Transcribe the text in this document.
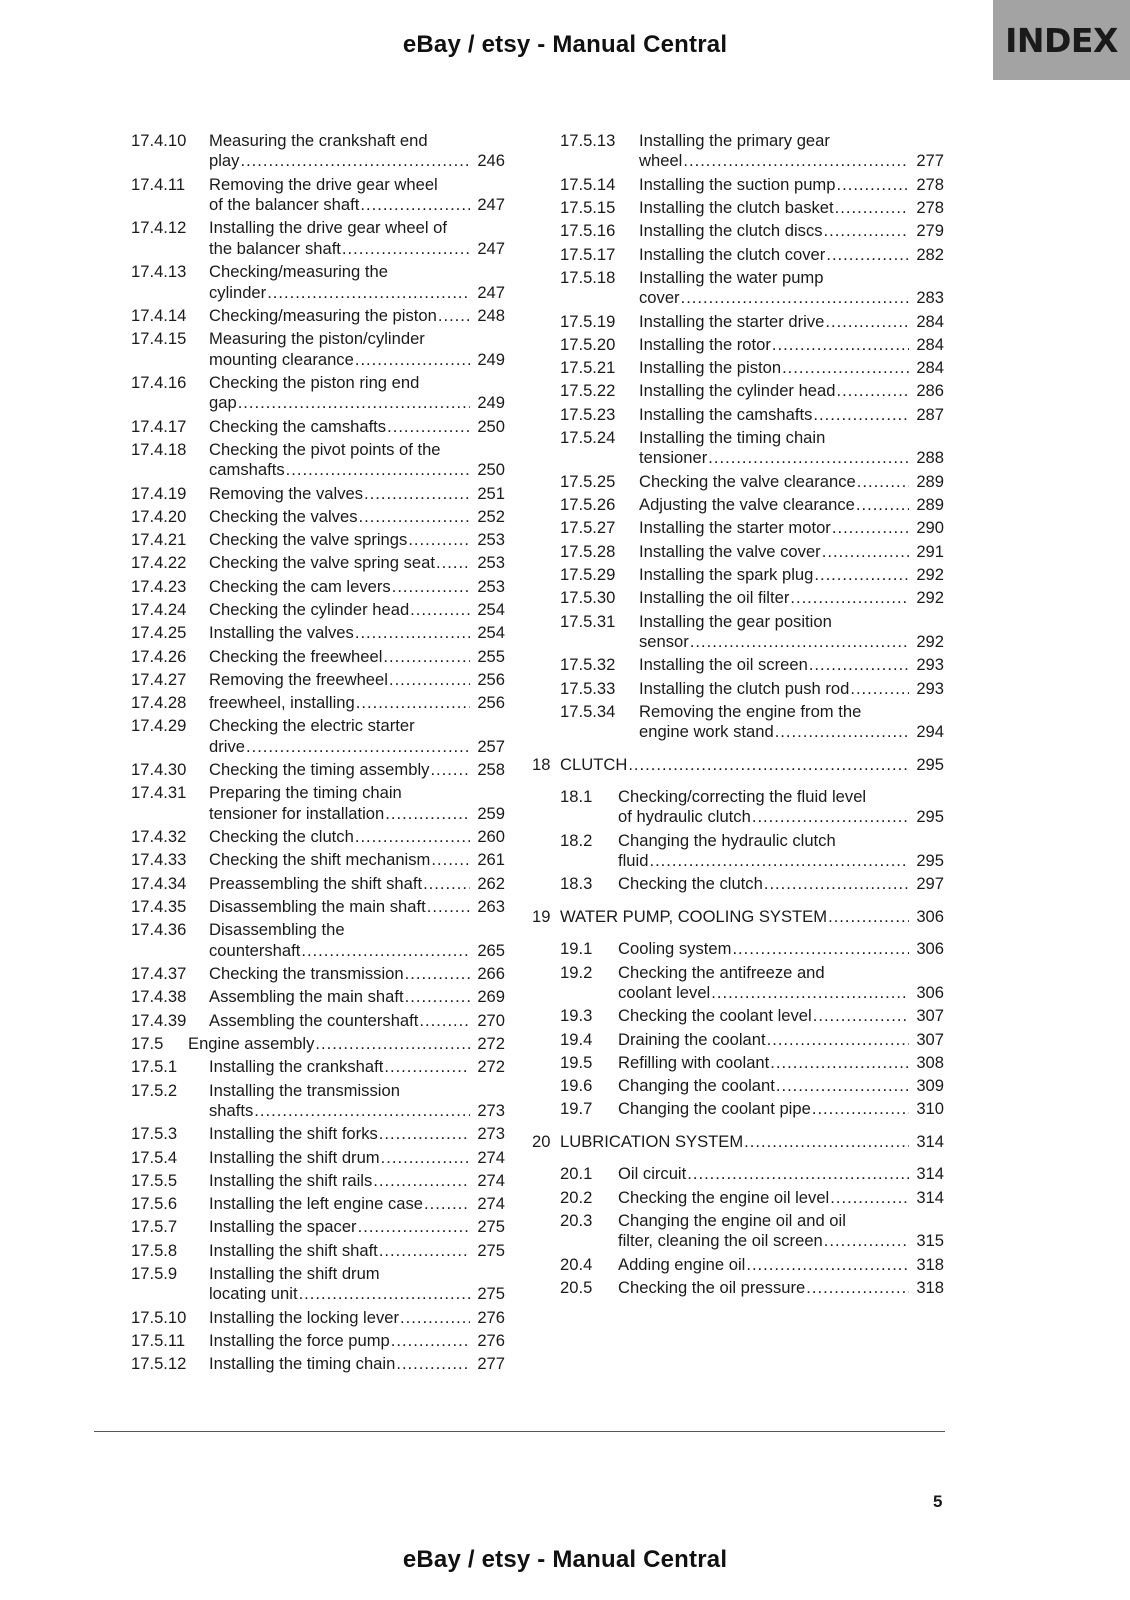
eBay / etsy - Manual Central	INDEX
17.4.10 Measuring the crankshaft end
play .....	246
17.4.11 Removing the drive gear wheel
of the balancer shaft .....	247
17.4.12 Installing the drive gear wheel of
the balancer shaft .....	247
17.4.13 Checking/measuring the
cylinder .....	247
17.4.14 Checking/measuring the piston .....	248
17.4.15 Measuring the piston/cylinder
mounting clearance .....	249
17.4.16 Checking the piston ring end
gap .....	249
17.4.17 Checking the camshafts .....	250
17.4.18 Checking the pivot points of the
camshafts .....	250
17.4.19 Removing the valves .....	251
17.4.20 Checking the valves .....	252
17.4.21 Checking the valve springs .....	253
17.4.22 Checking the valve spring seat .....	253
17.4.23 Checking the cam levers .....	253
17.4.24 Checking the cylinder head .....	254
17.4.25 Installing the valves .....	254
17.4.26 Checking the freewheel .....	255
17.4.27 Removing the freewheel .....	256
17.4.28 freewheel, installing .....	256
17.4.29 Checking the electric starter
drive .....	257
17.4.30 Checking the timing assembly .....	258
17.4.31 Preparing the timing chain
tensioner for installation .....	259
17.4.32 Checking the clutch .....	260
17.4.33 Checking the shift mechanism .....	261
17.4.34 Preassembling the shift shaft .....	262
17.4.35 Disassembling the main shaft .....	263
17.4.36 Disassembling the
countershaft .....	265
17.4.37 Checking the transmission .....	266
17.4.38 Assembling the main shaft .....	269
17.4.39 Assembling the countershaft .....	270
17.5 Engine assembly .....	272
17.5.1 Installing the crankshaft .....	272
17.5.2 Installing the transmission
shafts .....	273
17.5.3 Installing the shift forks .....	273
17.5.4 Installing the shift drum .....	274
17.5.5 Installing the shift rails .....	274
17.5.6 Installing the left engine case .....	274
17.5.7 Installing the spacer .....	275
17.5.8 Installing the shift shaft .....	275
17.5.9 Installing the shift drum
locating unit .....	275
17.5.10 Installing the locking lever .....	276
17.5.11 Installing the force pump .....	276
17.5.12 Installing the timing chain .....	277
17.5.13 Installing the primary gear
wheel .....	277
17.5.14 Installing the suction pump .....	278
17.5.15 Installing the clutch basket .....	278
17.5.16 Installing the clutch discs .....	279
17.5.17 Installing the clutch cover .....	282
17.5.18 Installing the water pump
cover .....	283
17.5.19 Installing the starter drive .....	284
17.5.20 Installing the rotor .....	284
17.5.21 Installing the piston .....	284
17.5.22 Installing the cylinder head .....	286
17.5.23 Installing the camshafts .....	287
17.5.24 Installing the timing chain
tensioner .....	288
17.5.25 Checking the valve clearance .....	289
17.5.26 Adjusting the valve clearance .....	289
17.5.27 Installing the starter motor .....	290
17.5.28 Installing the valve cover .....	291
17.5.29 Installing the spark plug .....	292
17.5.30 Installing the oil filter .....	292
17.5.31 Installing the gear position
sensor .....	292
17.5.32 Installing the oil screen .....	293
17.5.33 Installing the clutch push rod .....	293
17.5.34 Removing the engine from the
engine work stand .....	294
18 CLUTCH .....	295
18.1 Checking/correcting the fluid level
of hydraulic clutch .....	295
18.2 Changing the hydraulic clutch
fluid .....	295
18.3 Checking the clutch .....	297
19 WATER PUMP, COOLING SYSTEM .....	306
19.1 Cooling system .....	306
19.2 Checking the antifreeze and
coolant level .....	306
19.3 Checking the coolant level .....	307
19.4 Draining the coolant .....	307
19.5 Refilling with coolant .....	308
19.6 Changing the coolant .....	309
19.7 Changing the coolant pipe .....	310
20 LUBRICATION SYSTEM .....	314
20.1 Oil circuit .....	314
20.2 Checking the engine oil level .....	314
20.3 Changing the engine oil and oil
filter, cleaning the oil screen .....	315
20.4 Adding engine oil .....	318
20.5 Checking the oil pressure .....	318
5
eBay / etsy - Manual Central
